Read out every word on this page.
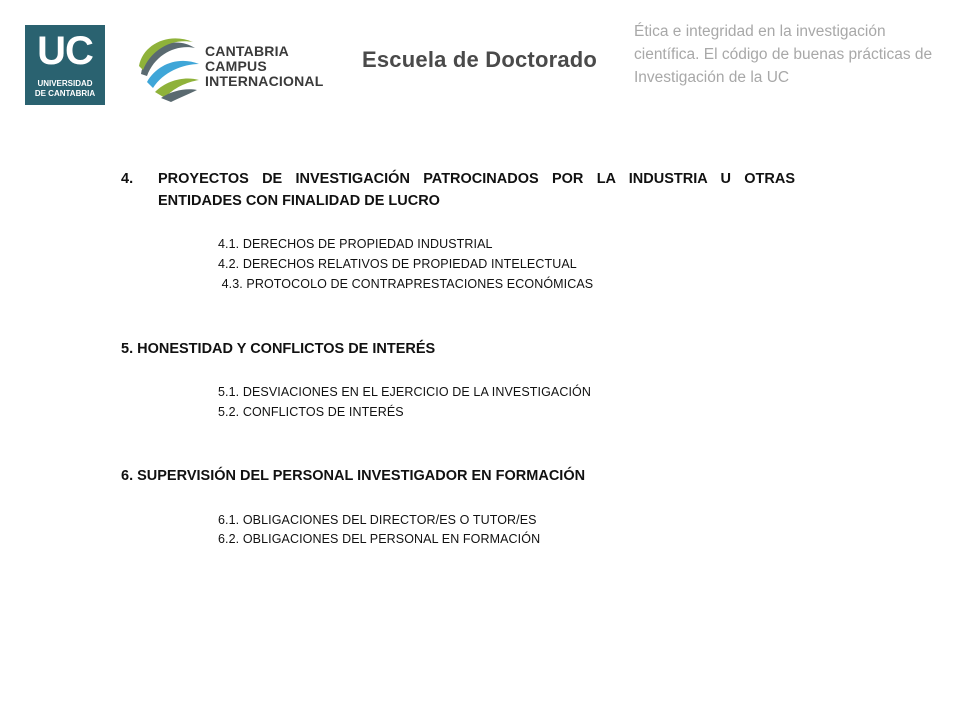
UC
UNIVERSIDAD
DE CANTABRIA
CANTABRIA
CAMPUS
INTERNACIONAL
Escuela de Doctorado
Ética e integridad en la investigación científica. El código de buenas prácticas de Investigación de la UC
4. PROYECTOS DE INVESTIGACIÓN PATROCINADOS POR LA INDUSTRIA U OTRAS
ENTIDADES CON FINALIDAD DE LUCRO
4.1. DERECHOS DE PROPIEDAD INDUSTRIAL
4.2. DERECHOS RELATIVOS DE PROPIEDAD INTELECTUAL
4.3. PROTOCOLO DE CONTRAPRESTACIONES ECONÓMICAS
5. HONESTIDAD Y CONFLICTOS DE INTERÉS
5.1. DESVIACIONES EN EL EJERCICIO DE LA INVESTIGACIÓN
5.2. CONFLICTOS DE INTERÉS
6. SUPERVISIÓN DEL PERSONAL INVESTIGADOR EN FORMACIÓN
6.1. OBLIGACIONES DEL DIRECTOR/ES O TUTOR/ES
6.2. OBLIGACIONES DEL PERSONAL EN FORMACIÓN
